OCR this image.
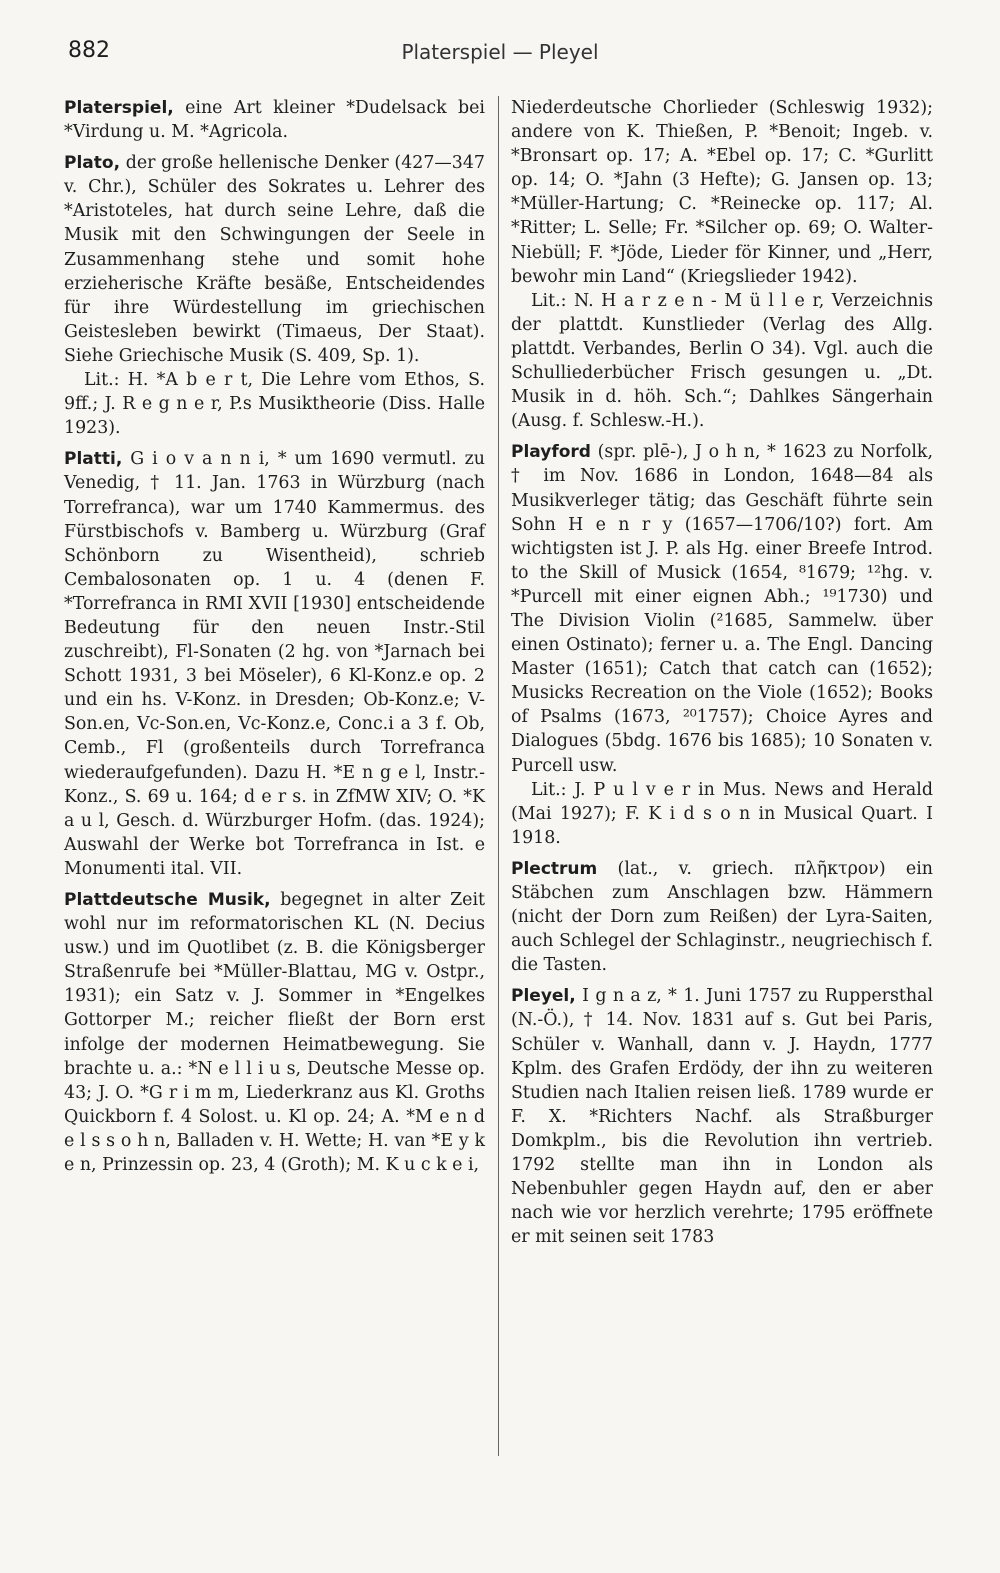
882	Platerspiel — Pleyel

Platerspiel, eine Art kleiner *Dudelsack bei *Virdung u. M. *Agricola.

Plato, der große hellenische Denker (427—347 v. Chr.), Schüler des Sokrates u. Lehrer des *Aristoteles, hat durch seine Lehre, daß die Musik mit den Schwingungen der Seele in Zusammenhang stehe und somit hohe erzieherische Kräfte besäße, Entscheidendes für ihre Würdestellung im griechischen Geistesleben bewirkt (Timaeus, Der Staat). Siehe Griechische Musik (S. 409, Sp. 1).

Lit.: H. *A b e r t, Die Lehre vom Ethos, S. 9ff.; J. R e g n e r, P.s Musiktheorie (Diss. Halle 1923).

Platti, G i o v a n n i, * um 1690 vermutl. zu Venedig, † 11. Jan. 1763 in Würzburg (nach Torrefranca), war um 1740 Kammermus. des Fürstbischofs v. Bamberg u. Würzburg (Graf Schönborn zu Wisentheid), schrieb Cembalosonaten op. 1 u. 4 (denen F. *Torrefranca in RMI XVII [1930] entscheidende Bedeutung für den neuen Instr.-Stil zuschreibt), Fl-Sonaten (2 hg. von *Jarnach bei Schott 1931, 3 bei Möseler), 6 Kl-Konz.e op. 2 und ein hs. V-Konz. in Dresden; Ob-Konz.e; V-Son.en, Vc-Son.en, Vc-Konz.e, Conc.i a 3 f. Ob, Cemb., Fl (großenteils durch Torrefranca wiederaufgefunden). Dazu H. *E n g e l, Instr.-Konz., S. 69 u. 164; d e r s. in ZfMW XIV; O. *K a u l, Gesch. d. Würzburger Hofm. (das. 1924); Auswahl der Werke bot Torrefranca in Ist. e Monumenti ital. VII.

Plattdeutsche Musik, begegnet in alter Zeit wohl nur im reformatorischen KL (N. Decius usw.) und im Quotlibet (z. B. die Königsberger Straßenrufe bei *Müller-Blattau, MG v. Ostpr., 1931); ein Satz v. J. Sommer in *Engelkes Gottorper M.; reicher fließt der Born erst infolge der modernen Heimatbewegung. Sie brachte u. a.: *N e l l i u s, Deutsche Messe op. 43; J. O. *G r i m m, Liederkranz aus Kl. Groths Quickborn f. 4 Solost. u. Kl op. 24; A. *M e n d e l s s o h n, Balladen v. H. Wette; H. van *E y k e n, Prinzessin op. 23, 4 (Groth); M. K u c k e i,

Niederdeutsche Chorlieder (Schleswig 1932); andere von K. Thießen, P. *Benoit; Ingeb. v. *Bronsart op. 17; A. *Ebel op. 17; C. *Gurlitt op. 14; O. *Jahn (3 Hefte); G. Jansen op. 13; *Müller-Hartung; C. *Reinecke op. 117; Al. *Ritter; L. Selle; Fr. *Silcher op. 69; O. Walter-Niebüll; F. *Jöde, Lieder för Kinner, und „Herr, bewohr min Land“ (Kriegslieder 1942).

Lit.: N. H a r z e n - M ü l l e r, Verzeichnis der plattdt. Kunstlieder (Verlag des Allg. plattdt. Verbandes, Berlin O 34). Vgl. auch die Schulliederbücher Frisch gesungen u. „Dt. Musik in d. höh. Sch.“; Dahlkes Sängerhain (Ausg. f. Schlesw.-H.).

Playford (spr. plē-), J o h n, * 1623 zu Norfolk, † im Nov. 1686 in London, 1648—84 als Musikverleger tätig; das Geschäft führte sein Sohn H e n r y (1657—1706/10?) fort. Am wichtigsten ist J. P. als Hg. einer Breefe Introd. to the Skill of Musick (1654, ⁸1679; ¹²hg. v. *Purcell mit einer eignen Abh.; ¹⁹1730) und The Division Violin (²1685, Sammelw. über einen Ostinato); ferner u. a. The Engl. Dancing Master (1651); Catch that catch can (1652); Musicks Recreation on the Viole (1652); Books of Psalms (1673, ²⁰1757); Choice Ayres and Dialogues (5bdg. 1676 bis 1685); 10 Sonaten v. Purcell usw.

Lit.: J. P u l v e r in Mus. News and Herald (Mai 1927); F. K i d s o n in Musical Quart. I 1918.

Plectrum (lat., v. griech. πλῆκτρον) ein Stäbchen zum Anschlagen bzw. Hämmern (nicht der Dorn zum Reißen) der Lyra-Saiten, auch Schlegel der Schlaginstr., neugriechisch f. die Tasten.

Pleyel, I g n a z, * 1. Juni 1757 zu Ruppersthal (N.-Ö.), † 14. Nov. 1831 auf s. Gut bei Paris, Schüler v. Wanhall, dann v. J. Haydn, 1777 Kplm. des Grafen Erdödy, der ihn zu weiteren Studien nach Italien reisen ließ. 1789 wurde er F. X. *Richters Nachf. als Straßburger Domkplm., bis die Revolution ihn vertrieb. 1792 stellte man ihn in London als Nebenbuhler gegen Haydn auf, den er aber nach wie vor herzlich verehrte; 1795 eröffnete er mit seinen seit 1783
